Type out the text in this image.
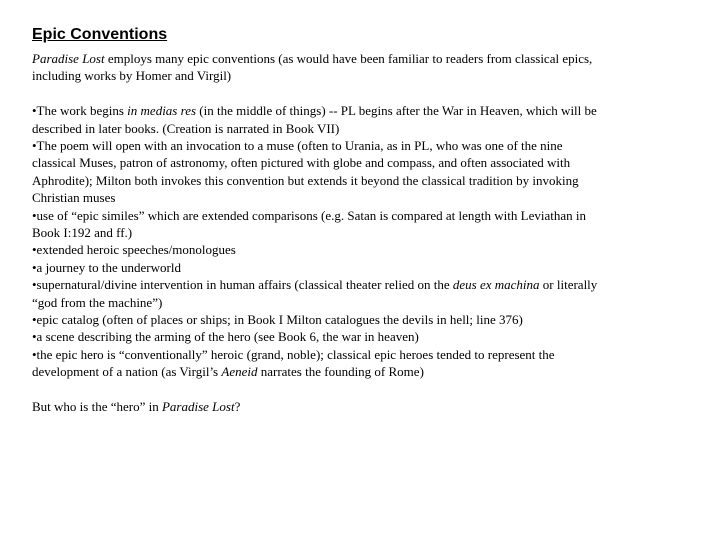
Epic Conventions

Paradise Lost employs many epic conventions (as would have been familiar to readers from classical epics, including works by Homer and Virgil)

•The work begins in medias res (in the middle of things) -- PL begins after the War in Heaven, which will be described in later books. (Creation is narrated in Book VII)

•The poem will open with an invocation to a muse (often to Urania, as in PL, who was one of the nine classical Muses, patron of astronomy, often pictured with globe and compass, and often associated with Aphrodite); Milton both invokes this convention but extends it beyond the classical tradition by invoking Christian muses

•use of “epic similes” which are extended comparisons (e.g. Satan is compared at length with Leviathan in Book I:192 and ff.)

•extended heroic speeches/monologues

•a journey to the underworld

•supernatural/divine intervention in human affairs (classical theater relied on the deus ex machina or literally “god from the machine”)

•epic catalog (often of places or ships; in Book I Milton catalogues the devils in hell; line 376)

•a scene describing the arming of the hero (see Book 6, the war in heaven)

•the epic hero is “conventionally” heroic (grand, noble); classical epic heroes tended to represent the development of a nation (as Virgil’s Aeneid narrates the founding of Rome)

But who is the “hero” in Paradise Lost?
